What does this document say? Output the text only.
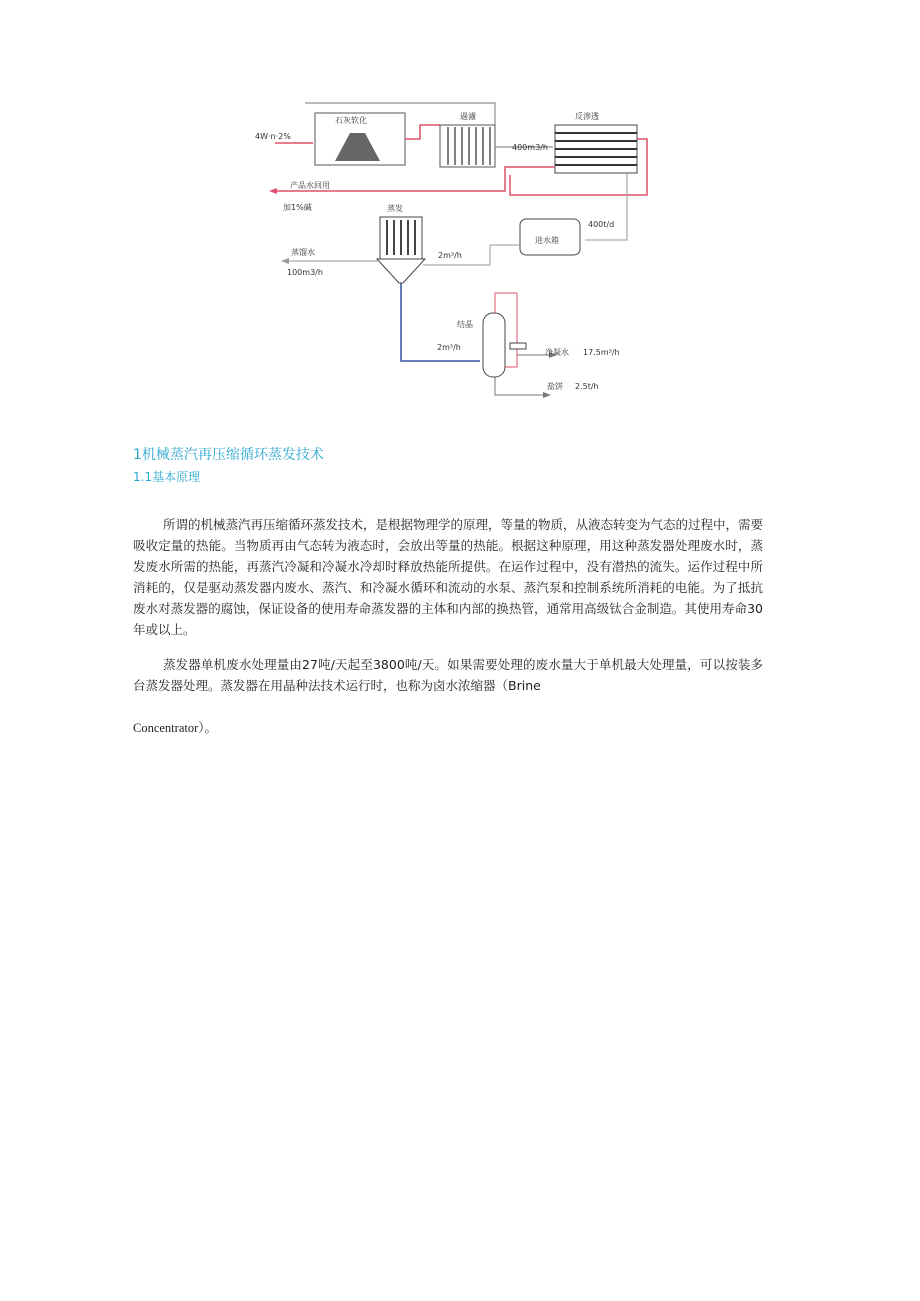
4W·n·2%
石灰软化	過濾
400m3/h
反滲透
产品水回用
加1%碱
400t/d
进水箱
2m³/h
蒸发
蒸馏水
100m3/h
2m³/h
结晶
净凝水 17.5m³/h
盐饼 2.5t/h
1机械蒸汽再压缩循环蒸发技术
1.1基本原理

所谓的机械蒸汽再压缩循环蒸发技术，是根据物理学的原理，等量的物质，从液态转变为气态的过程中，需要吸收定量的热能。当物质再由气态转为液态时，会放出等量的热能。根据这种原理，用这种蒸发器处理废水时，蒸发废水所需的热能，再蒸汽冷凝和冷凝水冷却时释放热能所提供。在运作过程中，没有潜热的流失。运作过程中所消耗的，仅是驱动蒸发器内废水、蒸汽、和冷凝水循环和流动的水泵、蒸汽泵和控制系统所消耗的电能。为了抵抗废水对蒸发器的腐蚀，保证设备的使用寿命蒸发器的主体和内部的换热管，通常用高级钛合金制造。其使用寿命30年或以上。

蒸发器单机废水处理量由27吨/天起至3800吨/天。如果需要处理的废水量大于单机最大处理量，可以按装多台蒸发器处理。蒸发器在用晶种法技术运行时，也称为卤水浓缩器（Brine

Concentrator）。
